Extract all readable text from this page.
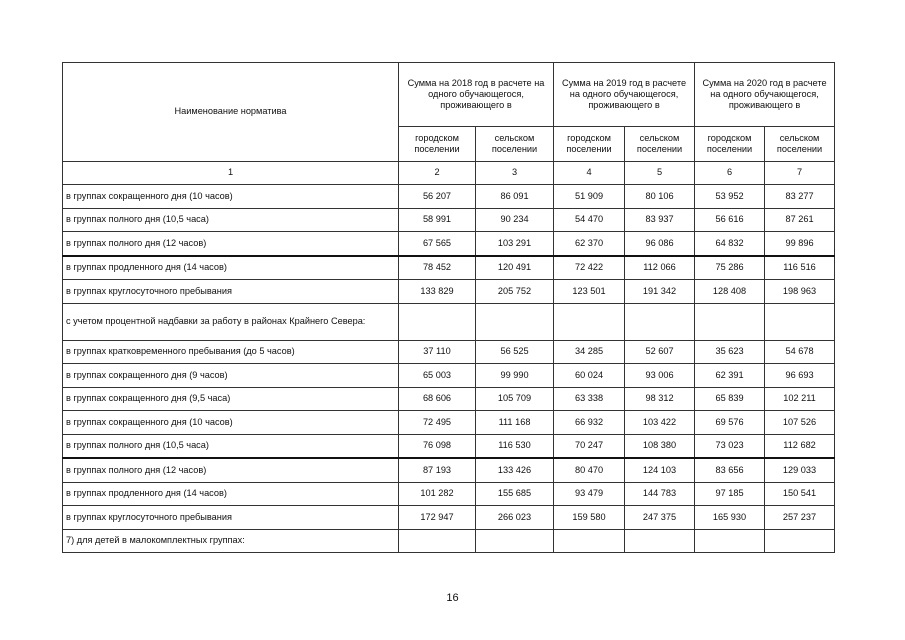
Наименование норматива	Сумма на 2018 год в расчете на одного обучающегося, проживающего в		Сумма на 2019 год в расчете на одного обучающегося, проживающего в		Сумма на 2020 год в расчете на одного обучающегося, проживающего в	
	городском поселении	сельском поселении	городском поселении	сельском поселении	городском поселении	сельском поселении
1	2	3	4	5	6	7
в группах сокращенного дня (10 часов)	56 207	86 091	51 909	80 106	53 952	83 277
в группах полного дня (10,5 часа)	58 991	90 234	54 470	83 937	56 616	87 261
в группах полного дня (12 часов)	67 565	103 291	62 370	96 086	64 832	99 896
в группах продленного дня (14 часов)	78 452	120 491	72 422	112 066	75 286	116 516
в группах круглосуточного пребывания	133 829	205 752	123 501	191 342	128 408	198 963
с учетом процентной надбавки за работу в районах Крайнего Севера:						
в группах кратковременного пребывания (до 5 часов)	37 110	56 525	34 285	52 607	35 623	54 678
в группах сокращенного дня (9 часов)	65 003	99 990	60 024	93 006	62 391	96 693
в группах сокращенного дня (9,5 часа)	68 606	105 709	63 338	98 312	65 839	102 211
в группах сокращенного дня (10 часов)	72 495	111 168	66 932	103 422	69 576	107 526
в группах полного дня (10,5 часа)	76 098	116 530	70 247	108 380	73 023	112 682
в группах полного дня (12 часов)	87 193	133 426	80 470	124 103	83 656	129 033
в группах продленного дня (14 часов)	101 282	155 685	93 479	144 783	97 185	150 541
в группах круглосуточного пребывания	172 947	266 023	159 580	247 375	165 930	257 237
7) для детей в малокомплектных группах:						
16
